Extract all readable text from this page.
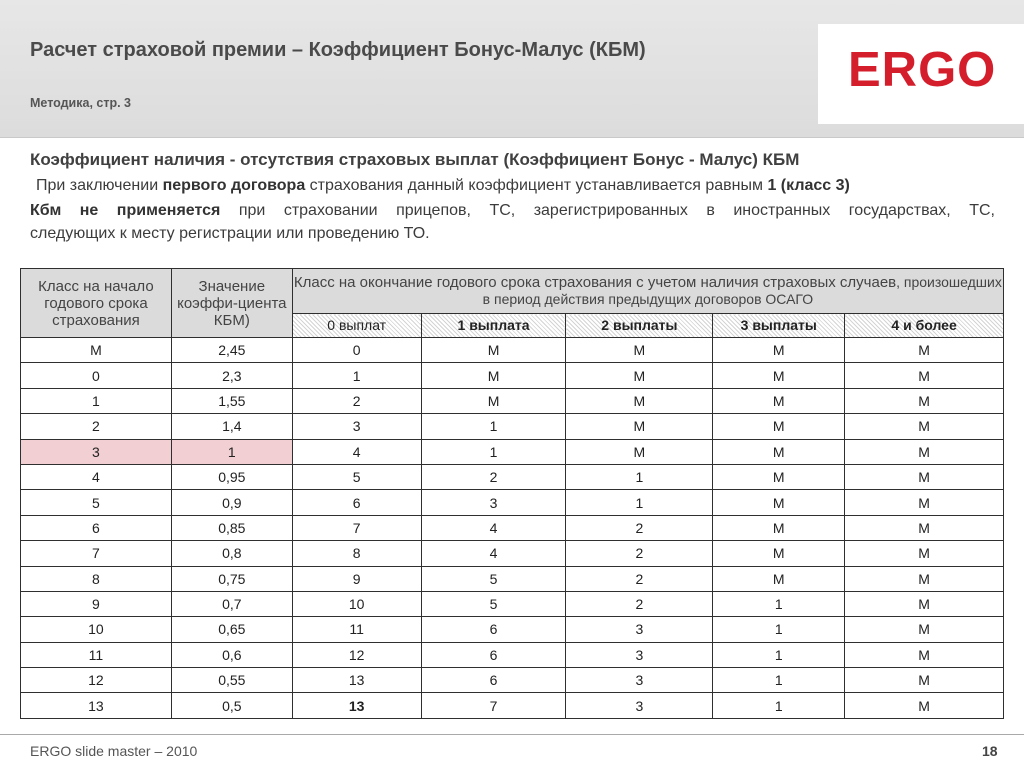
Расчет страховой премии – Коэффициент Бонус-Малус (КБМ)
Методика, стр. 3
ERGO
Коэффициент наличия - отсутствия страховых выплат (Коэффициент Бонус - Малус) КБМ
При заключении первого договора страхования данный коэффициент устанавливается равным 1 (класс 3)
Кбм не применяется при страховании прицепов, ТС, зарегистрированных в иностранных государствах, ТС,
следующих к месту регистрации или проведению ТО.
Класс на начало годового срока страхования	Значение коэффи-циента КБМ)	Класс на окончание годового срока страхования с учетом наличия страховых случаев, произошедших в период действия предыдущих договоров ОСАГО				
		0 выплат	1 выплата	2 выплаты	3 выплаты	4 и более
М	2,45	0	М	М	М	М
0	2,3	1	М	М	М	М
1	1,55	2	М	М	М	М
2	1,4	3	1	М	М	М
3	1	4	1	М	М	М
4	0,95	5	2	1	М	М
5	0,9	6	3	1	М	М
6	0,85	7	4	2	М	М
7	0,8	8	4	2	М	М
8	0,75	9	5	2	М	М
9	0,7	10	5	2	1	М
10	0,65	11	6	3	1	М
11	0,6	12	6	3	1	М
12	0,55	13	6	3	1	М
13	0,5	13	7	3	1	М
ERGO slide master – 2010	18
